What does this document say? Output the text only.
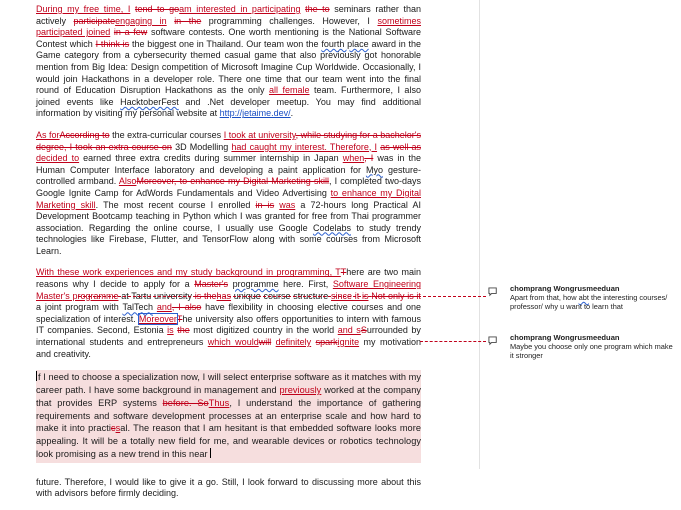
During my free time, I tend to goam interested in participating the to seminars rather than actively participateengaging in in the programming challenges. However, I sometimes participated joined in a few software contests. One worth mentioning is the National Software Contest which I think is the biggest one in Thailand. Our team won the fourth place award in the Game category from a cybersecurity themed casual game that also previously got honorable mention from Big Idea: Design competition of Microsoft Imagine Cup Worldwide. Occasionally, I would join Hackathons in a developer role. There one time that our team went into the final round of Education Disruption Hackathons as the only all female team. Furthermore, I also joined events like HacktoberFest and .Net developer meetup. You may find additional information by visiting my personal website at http://jetaime.dev/.

As forAccording to the extra-curricular courses I took at university, while studying for a bachelor's degree, I took an extra course on 3D Modelling had caught my interest. Therefore, I as well as decided to earned three extra credits during summer internship in Japan when, I was in the Human Computer Interface laboratory and developing a paint application for Myo gesture-controlled armband. AlsoMoreover, to enhance my Digital Marketing skill, I completed two-days Google Ignite Camp for AdWords Fundamentals and Video Advertising to enhance my Digital Marketing skill. The most recent course I enrolled in is was a 72-hours long Practical AI Development Bootcamp teaching in Python which I was granted for free from Thai programmer association. Regarding the online course, I usually use Google Codelabs to study trendy technologies like Firebase, Flutter, and TensorFlow along with some courses from Microsoft Learn.

With these work experiences and my study background in programming, TThere are two main reasons why I decide to apply for a Master's programme here. First, Software Engineering Master's programme at Tartu university is thehas unique course structure since it is Not only is it a joint program with TalTech and, I also have flexibility in choosing elective courses and one specialization of interest. MoreoverThe university also offers opportunities to intern with famous IT companies. Second, Estonia is the most digitized country in the world and sSurrounded by international students and entrepreneurs which wouldwill definitely sparkignite my motivation and creativity.

f I need to choose a specialization now, I will select enterprise software as it matches with my career path. I have some background in management and previously worked at the company that provides ERP systems before. SoThus, I understand the importance of gathering requirements and software development processes at an enterprise scale and how hard to make it into practicsal. The reason that I am hesitant is that embedded software looks more appealing. It will be a totally new field for me, and wearable devices or robotics technology look promising as a new trend in this near

future. Therefore, I would like to give it a go. Still, I look forward to discussing more about this with advisors before firmly deciding.

chomprang Wongrusmeeduan
Apart from that, how abt the interesting courses/ professor/ why u want to learn that
chomprang Wongrusmeeduan
Maybe you choose only one program which make it stronger
